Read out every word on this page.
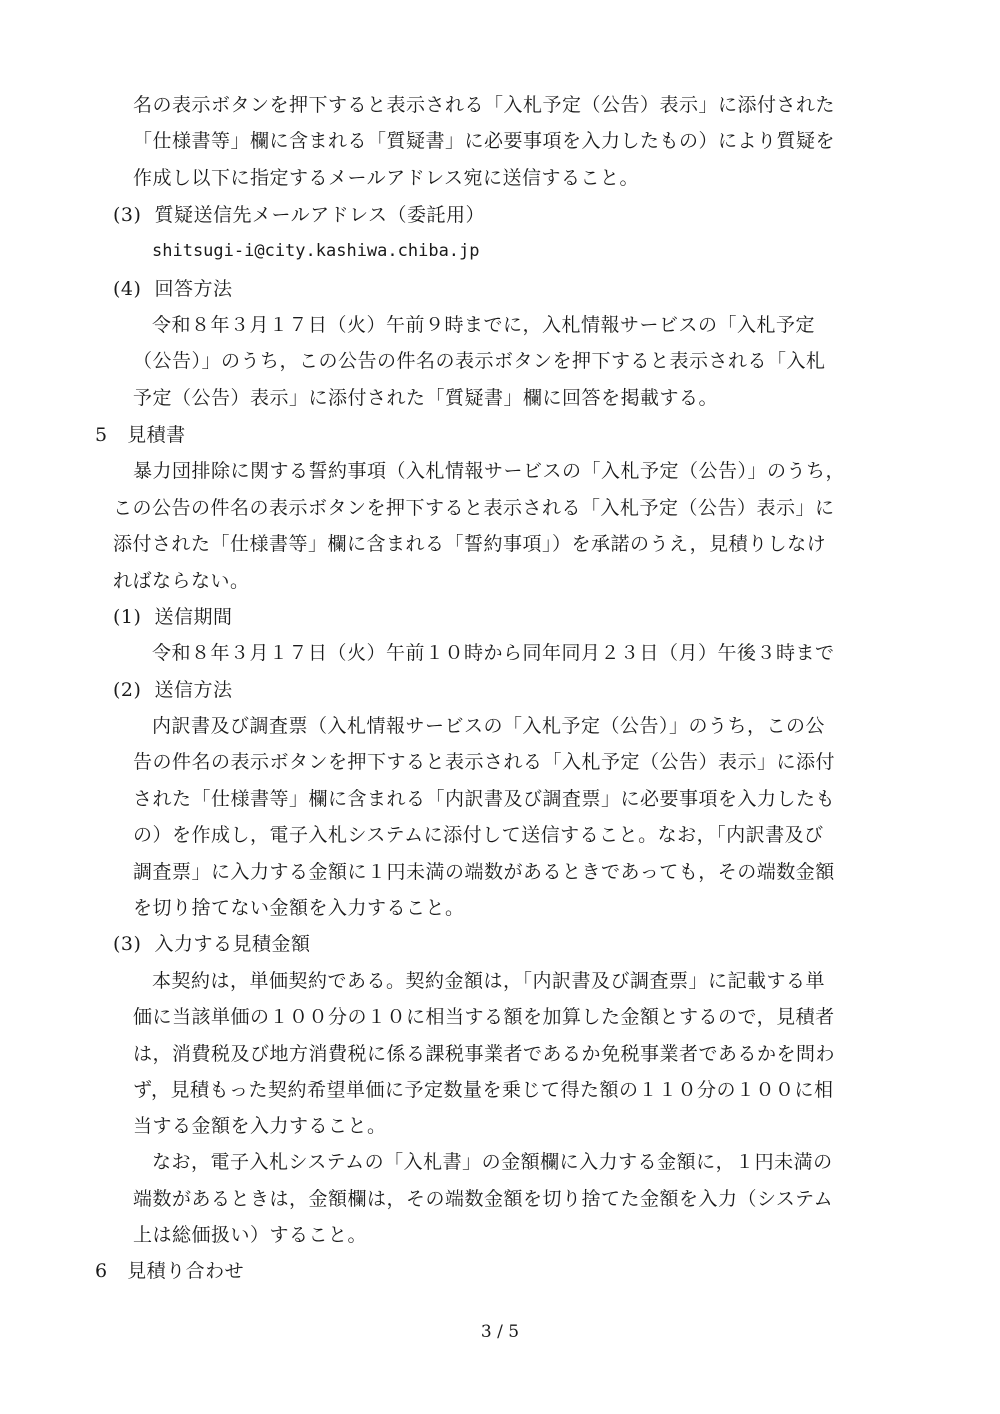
名の表示ボタンを押下すると表示される「入札予定（公告）表示」に添付された
「仕様書等」欄に含まれる「質疑書」に必要事項を入力したもの）により質疑を
作成し以下に指定するメールアドレス宛に送信すること。
(3)  質疑送信先メールアドレス（委託用）
shitsugi-i@city.kashiwa.chiba.jp
(4)  回答方法
令和８年３月１７日（火）午前９時までに，入札情報サービスの「入札予定
（公告）」のうち，この公告の件名の表示ボタンを押下すると表示される「入札
予定（公告）表示」に添付された「質疑書」欄に回答を掲載する。
5　見積書
暴力団排除に関する誓約事項（入札情報サービスの「入札予定（公告）」のうち，
この公告の件名の表示ボタンを押下すると表示される「入札予定（公告）表示」に
添付された「仕様書等」欄に含まれる「誓約事項」）を承諾のうえ，見積りしなけ
ればならない。
(1)  送信期間
令和８年３月１７日（火）午前１０時から同年同月２３日（月）午後３時まで
(2)  送信方法
内訳書及び調査票（入札情報サービスの「入札予定（公告）」のうち，この公
告の件名の表示ボタンを押下すると表示される「入札予定（公告）表示」に添付
された「仕様書等」欄に含まれる「内訳書及び調査票」に必要事項を入力したも
の）を作成し，電子入札システムに添付して送信すること。なお，「内訳書及び
調査票」に入力する金額に１円未満の端数があるときであっても，その端数金額
を切り捨てない金額を入力すること。
(3)  入力する見積金額
本契約は，単価契約である。契約金額は，「内訳書及び調査票」に記載する単
価に当該単価の１００分の１０に相当する額を加算した金額とするので，見積者
は，消費税及び地方消費税に係る課税事業者であるか免税事業者であるかを問わ
ず，見積もった契約希望単価に予定数量を乗じて得た額の１１０分の１００に相
当する金額を入力すること。
なお，電子入札システムの「入札書」の金額欄に入力する金額に，１円未満の
端数があるときは，金額欄は，その端数金額を切り捨てた金額を入力（システム
上は総価扱い）すること。
6　見積り合わせ
3 / 5
